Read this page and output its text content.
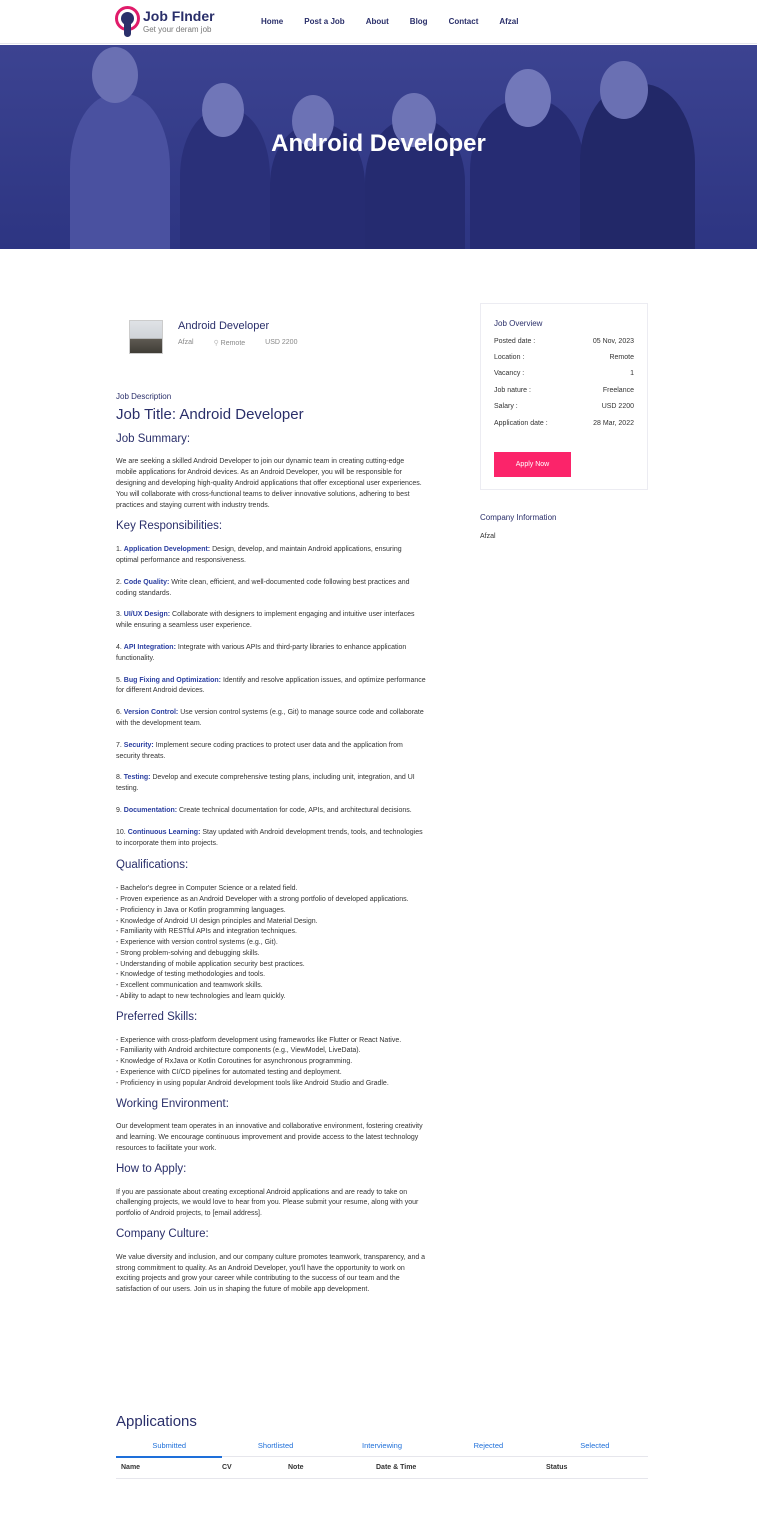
Job FInder
Get your deram job
Home	Post a Job	About	Blog	Contact	Afzal
Android Developer
Android Developer
Afzal	⚲ Remote	USD 2200
Job Description
Job Title: Android Developer
Job Summary:
We are seeking a skilled Android Developer to join our dynamic team in creating cutting-edge mobile applications for Android devices. As an Android Developer, you will be responsible for designing and developing high-quality Android applications that offer exceptional user experiences. You will collaborate with cross-functional teams to deliver innovative solutions, adhering to best practices and staying current with industry trends.
Key Responsibilities:
1. Application Development: Design, develop, and maintain Android applications, ensuring optimal performance and responsiveness.
2. Code Quality: Write clean, efficient, and well-documented code following best practices and coding standards.
3. UI/UX Design: Collaborate with designers to implement engaging and intuitive user interfaces while ensuring a seamless user experience.
4. API Integration: Integrate with various APIs and third-party libraries to enhance application functionality.
5. Bug Fixing and Optimization: Identify and resolve application issues, and optimize performance for different Android devices.
6. Version Control: Use version control systems (e.g., Git) to manage source code and collaborate with the development team.
7. Security: Implement secure coding practices to protect user data and the application from security threats.
8. Testing: Develop and execute comprehensive testing plans, including unit, integration, and UI testing.
9. Documentation: Create technical documentation for code, APIs, and architectural decisions.
10. Continuous Learning: Stay updated with Android development trends, tools, and technologies to incorporate them into projects.
Qualifications:
- Bachelor's degree in Computer Science or a related field.
- Proven experience as an Android Developer with a strong portfolio of developed applications.
- Proficiency in Java or Kotlin programming languages.
- Knowledge of Android UI design principles and Material Design.
- Familiarity with RESTful APIs and integration techniques.
- Experience with version control systems (e.g., Git).
- Strong problem-solving and debugging skills.
- Understanding of mobile application security best practices.
- Knowledge of testing methodologies and tools.
- Excellent communication and teamwork skills.
- Ability to adapt to new technologies and learn quickly.
Preferred Skills:
- Experience with cross-platform development using frameworks like Flutter or React Native.
- Familiarity with Android architecture components (e.g., ViewModel, LiveData).
- Knowledge of RxJava or Kotlin Coroutines for asynchronous programming.
- Experience with CI/CD pipelines for automated testing and deployment.
- Proficiency in using popular Android development tools like Android Studio and Gradle.
Working Environment:
Our development team operates in an innovative and collaborative environment, fostering creativity and learning. We encourage continuous improvement and provide access to the latest technology resources to facilitate your work.
How to Apply:
If you are passionate about creating exceptional Android applications and are ready to take on challenging projects, we would love to hear from you. Please submit your resume, along with your portfolio of Android projects, to [email address].
Company Culture:
We value diversity and inclusion, and our company culture promotes teamwork, transparency, and a strong commitment to quality. As an Android Developer, you'll have the opportunity to work on exciting projects and grow your career while contributing to the success of our team and the satisfaction of our users. Join us in shaping the future of mobile app development.
Job Overview
Posted date :	05 Nov, 2023
Location :	Remote
Vacancy :	1
Job nature :	Freelance
Salary :	USD 2200
Application date :	28 Mar, 2022
Apply Now
Company Information
Afzal
Applications
Submitted	Shortlisted	Interviewing	Rejected	Selected
Name	CV	Note	Date & Time	Status
